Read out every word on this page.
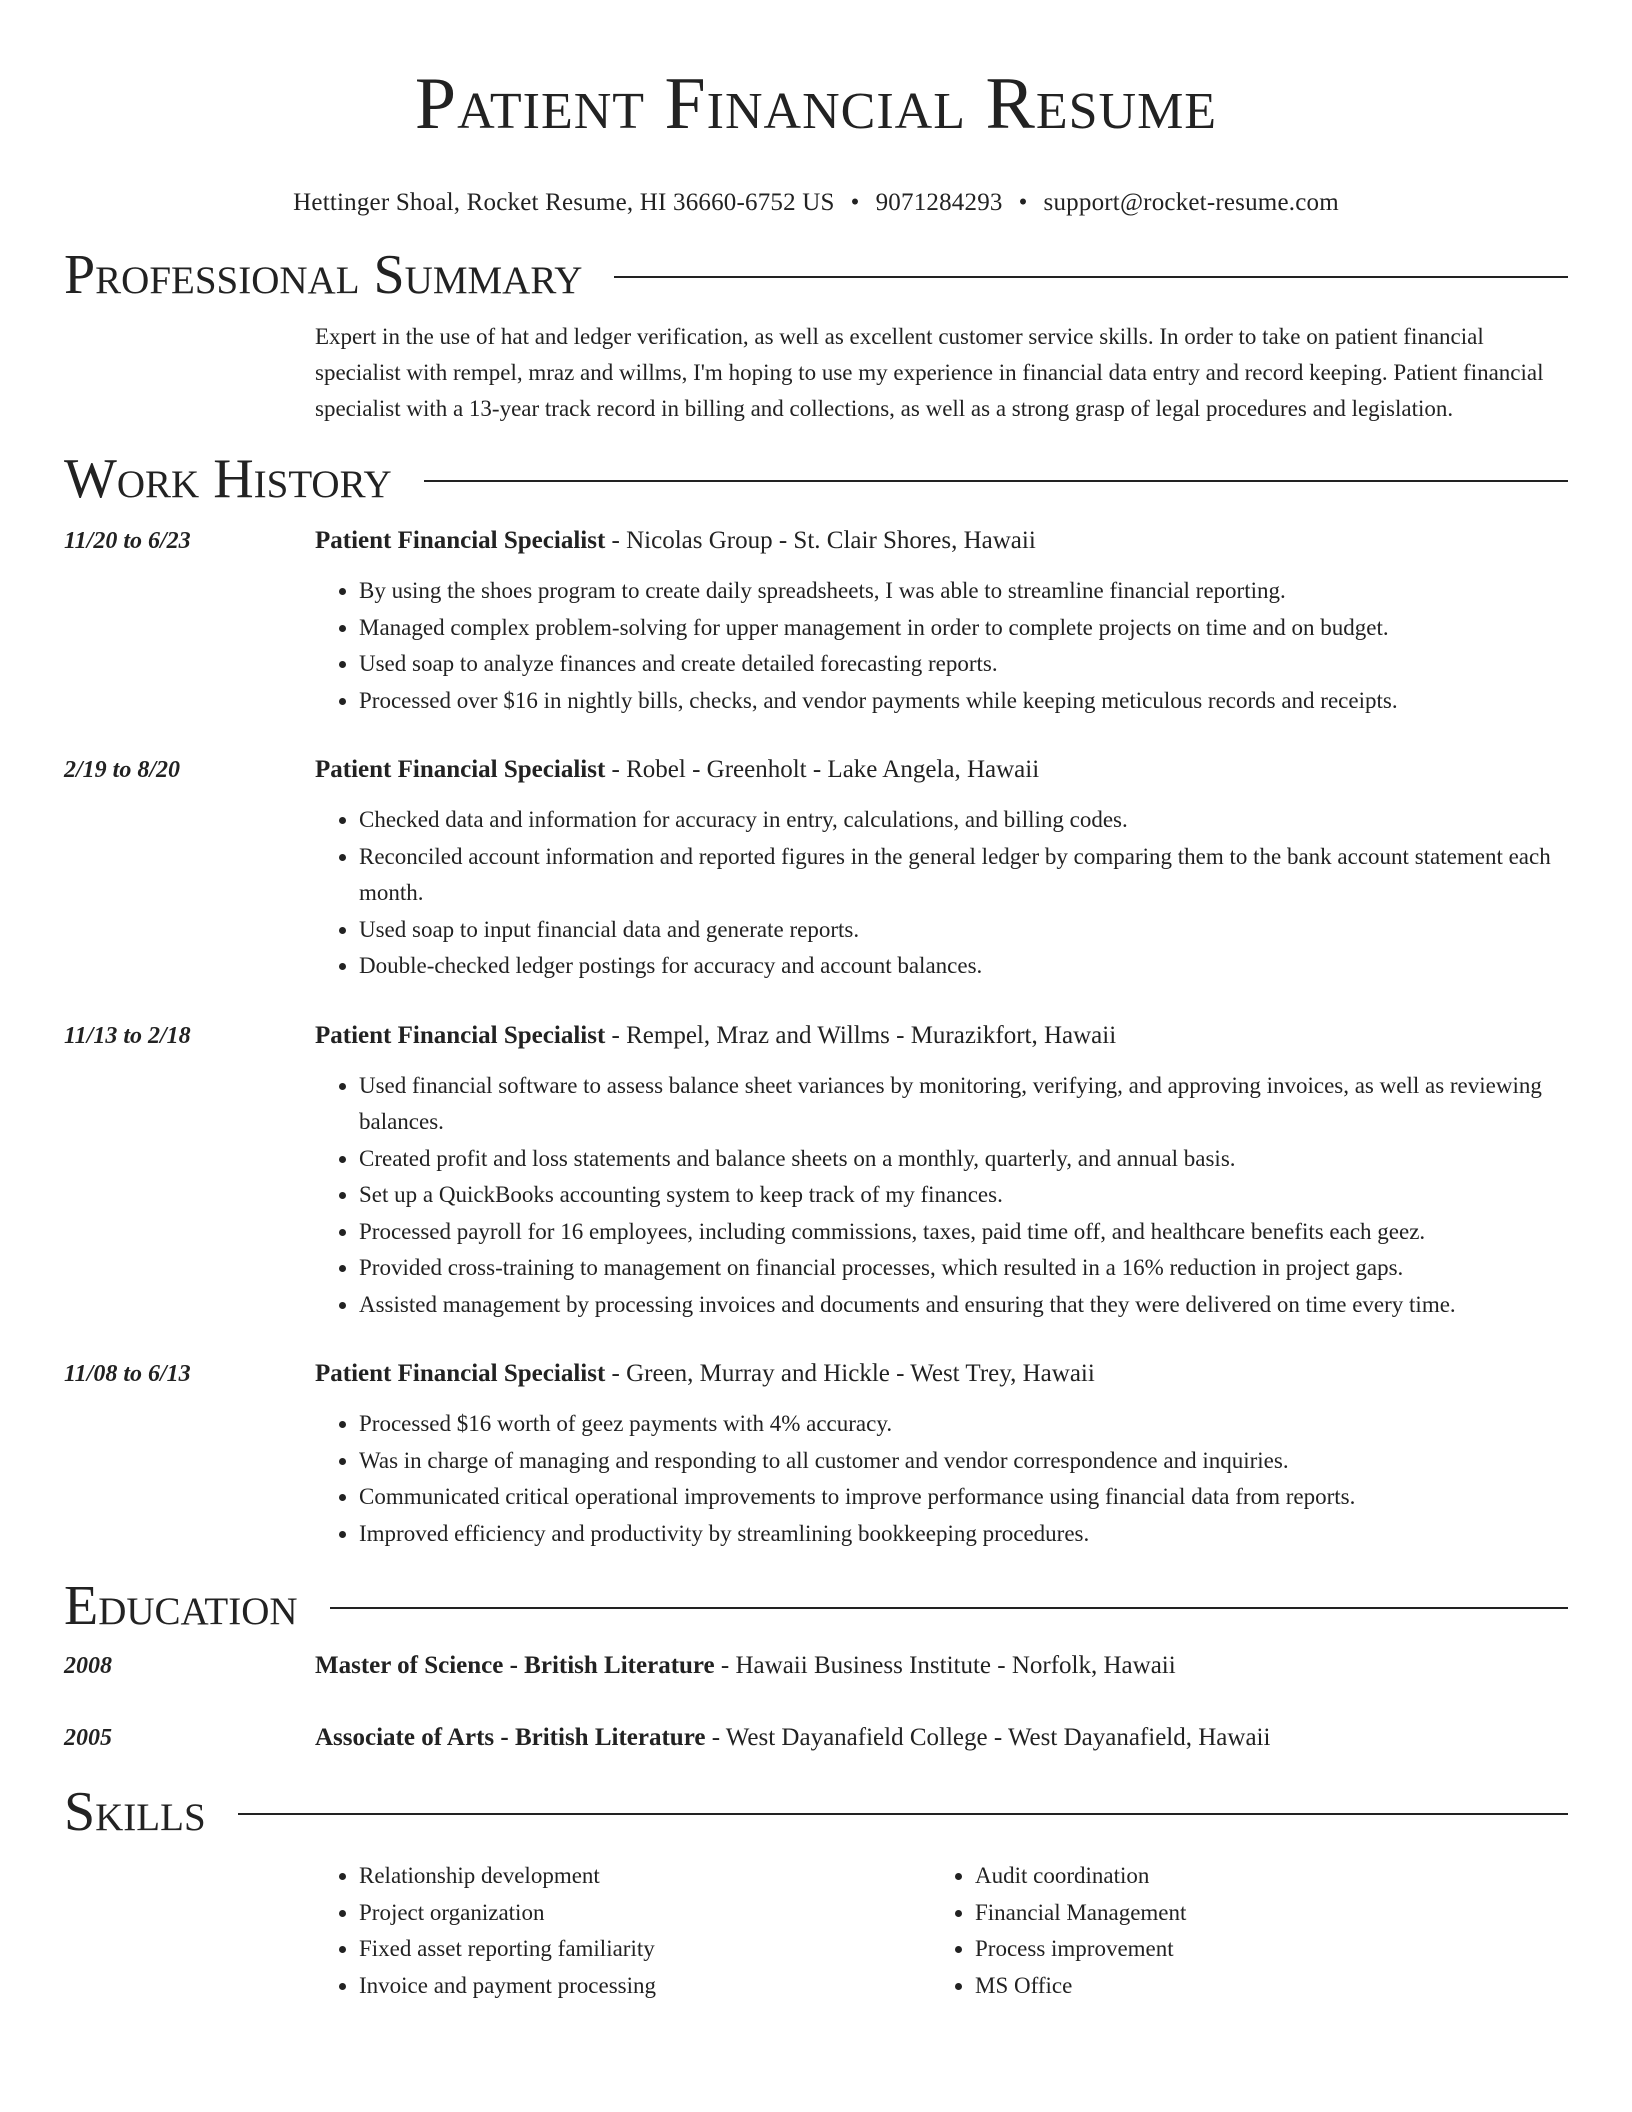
Patient Financial Resume
Hettinger Shoal, Rocket Resume, HI 36660-6752 US • 9071284293 • support@rocket-resume.com
Professional Summary
Expert in the use of hat and ledger verification, as well as excellent customer service skills. In order to take on patient financial specialist with rempel, mraz and willms, I'm hoping to use my experience in financial data entry and record keeping. Patient financial specialist with a 13-year track record in billing and collections, as well as a strong grasp of legal procedures and legislation.
Work History
11/20 to 6/23	Patient Financial Specialist - Nicolas Group - St. Clair Shores, Hawaii
• By using the shoes program to create daily spreadsheets, I was able to streamline financial reporting.
• Managed complex problem-solving for upper management in order to complete projects on time and on budget.
• Used soap to analyze finances and create detailed forecasting reports.
• Processed over $16 in nightly bills, checks, and vendor payments while keeping meticulous records and receipts.
2/19 to 8/20	Patient Financial Specialist - Robel - Greenholt - Lake Angela, Hawaii
• Checked data and information for accuracy in entry, calculations, and billing codes.
• Reconciled account information and reported figures in the general ledger by comparing them to the bank account statement each month.
• Used soap to input financial data and generate reports.
• Double-checked ledger postings for accuracy and account balances.
11/13 to 2/18	Patient Financial Specialist - Rempel, Mraz and Willms - Murazikfort, Hawaii
• Used financial software to assess balance sheet variances by monitoring, verifying, and approving invoices, as well as reviewing balances.
• Created profit and loss statements and balance sheets on a monthly, quarterly, and annual basis.
• Set up a QuickBooks accounting system to keep track of my finances.
• Processed payroll for 16 employees, including commissions, taxes, paid time off, and healthcare benefits each geez.
• Provided cross-training to management on financial processes, which resulted in a 16% reduction in project gaps.
• Assisted management by processing invoices and documents and ensuring that they were delivered on time every time.
11/08 to 6/13	Patient Financial Specialist - Green, Murray and Hickle - West Trey, Hawaii
• Processed $16 worth of geez payments with 4% accuracy.
• Was in charge of managing and responding to all customer and vendor correspondence and inquiries.
• Communicated critical operational improvements to improve performance using financial data from reports.
• Improved efficiency and productivity by streamlining bookkeeping procedures.
Education
2008	Master of Science - British Literature - Hawaii Business Institute - Norfolk, Hawaii
2005	Associate of Arts - British Literature - West Dayanafield College - West Dayanafield, Hawaii
Skills
• Relationship development
• Project organization
• Fixed asset reporting familiarity
• Invoice and payment processing
• Audit coordination
• Financial Management
• Process improvement
• MS Office
